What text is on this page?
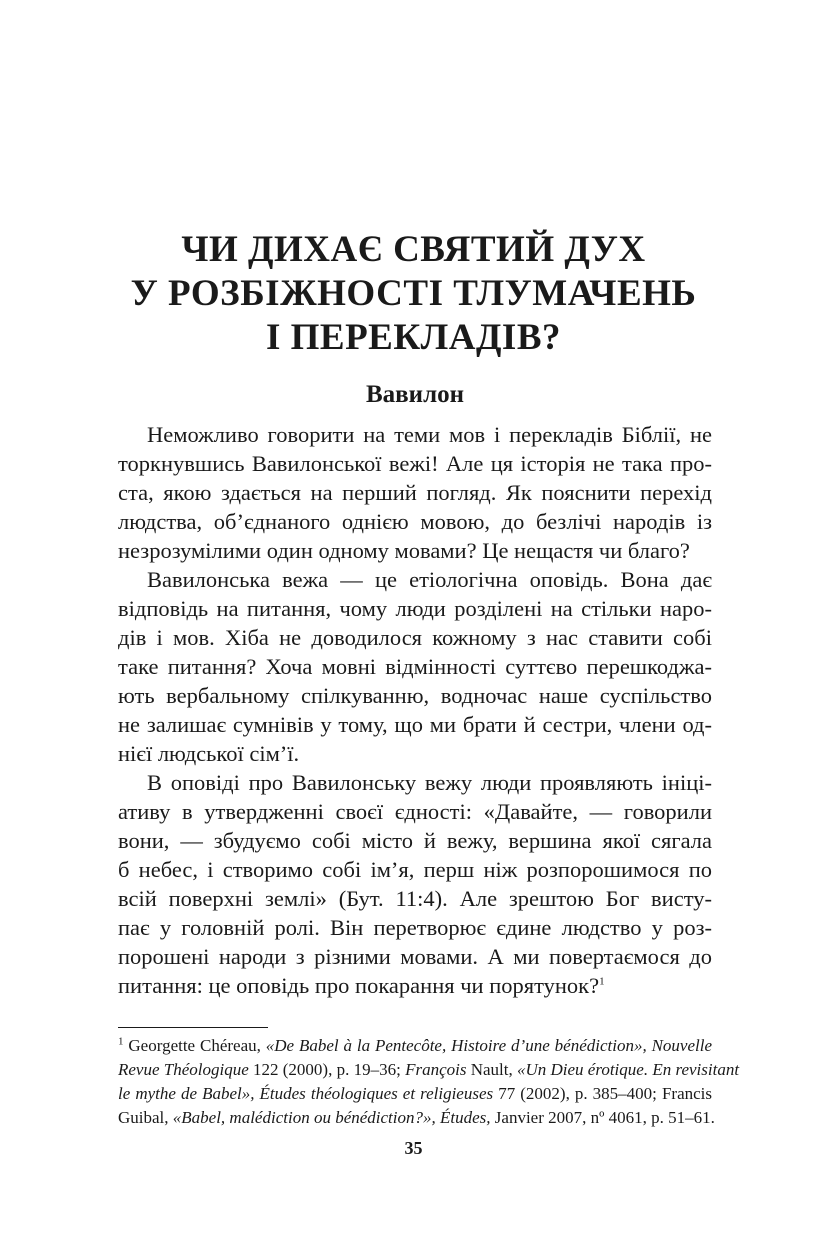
ЧИ ДИХАЄ СВЯТИЙ ДУХ
У РОЗБІЖНОСТІ ТЛУМАЧЕНЬ
І ПЕРЕКЛАДІВ?
Вавилон
Неможливо говорити на теми мов і перекладів Біблії, не
торкнувшись Вавилонської вежі! Але ця історія не така про-
ста, якою здається на перший погляд. Як пояснити перехід
людства, об’єднаного однією мовою, до безлічі народів із
незрозумілими один одному мовами? Це нещастя чи благо?
Вавилонська вежа — це етіологічна оповідь. Вона дає
відповідь на питання, чому люди розділені на стільки наро-
дів і мов. Хіба не доводилося кожному з нас ставити собі
таке питання? Хоча мовні відмінності суттєво перешкоджа-
ють вербальному спілкуванню, водночас наше суспільство
не залишає сумнівів у тому, що ми брати й сестри, члени од-
нієї людської сім’ї.
В оповіді про Вавилонську вежу люди проявляють ініці-
ативу в утвердженні своєї єдності: «Давайте, — говорили
вони, — збудуємо собі місто й вежу, вершина якої сягала
б небес, і створимо собі ім’я, перш ніж розпорошимося по
всій поверхні землі» (Бут. 11:4). Але зрештою Бог висту-
пає у головній ролі. Він перетворює єдине людство у роз-
порошені народи з різними мовами. А ми повертаємося до
питання: це оповідь про покарання чи порятунок?$^1$
$^1$ Georgette Chéreau, «De Babel à la Pentecôte, Histoire d’une bénédiction», Nouvelle
Revue Théologique 122 (2000), p. 19–36; François Nault, «Un Dieu érotique. En revisitant
le mythe de Babel», Études théologiques et religieuses 77 (2002), p. 385–400; Francis
Guibal, «Babel, malédiction ou bénédiction?», Études, Janvier 2007, nº 4061, p. 51–61.
35
